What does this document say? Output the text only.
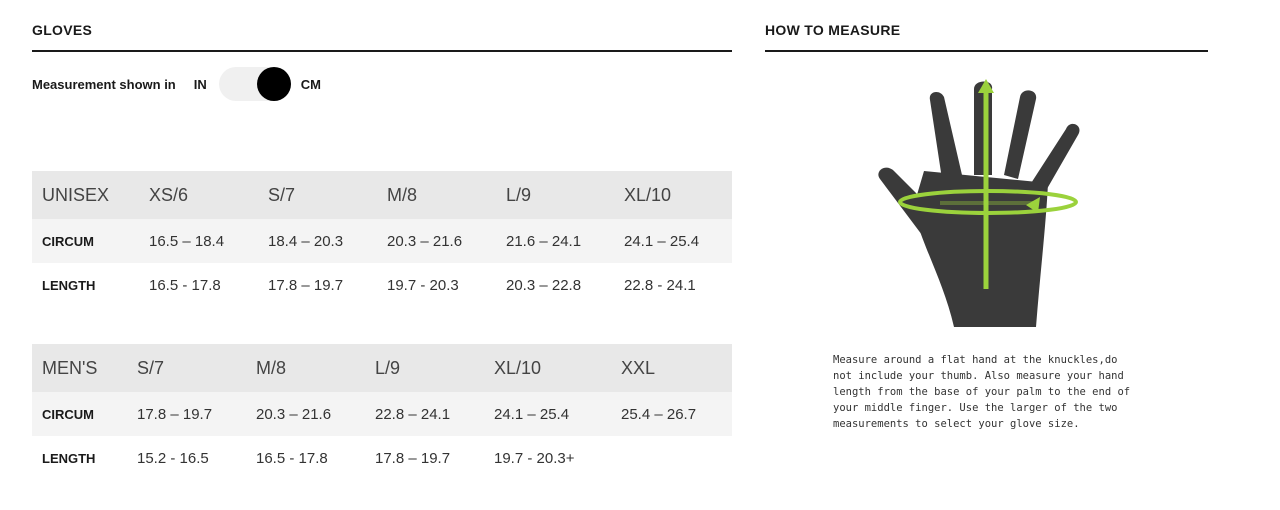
GLOVES	HOW TO MEASURE
Measurement shown in IN	CM
UNISEX	XS/6	S/7	M/8	L/9	XL/10
CIRCUM	16.5 – 18.4	18.4 – 20.3	20.3 – 21.6	21.6 – 24.1	24.1 – 25.4
LENGTH	16.5 - 17.8	17.8 – 19.7	19.7 - 20.3	20.3 – 22.8	22.8 - 24.1
MEN'S	S/7	M/8	L/9	XL/10	XXL
CIRCUM	17.8 – 19.7	20.3 – 21.6	22.8 – 24.1	24.1 – 25.4	25.4 – 26.7
LENGTH	15.2 - 16.5	16.5 - 17.8	17.8 – 19.7	19.7 - 20.3+	
Measure around a flat hand at the knuckles,do not include your thumb. Also measure your hand length from the base of your palm to the end of your middle finger. Use the larger of the two measurements to select your glove size.
